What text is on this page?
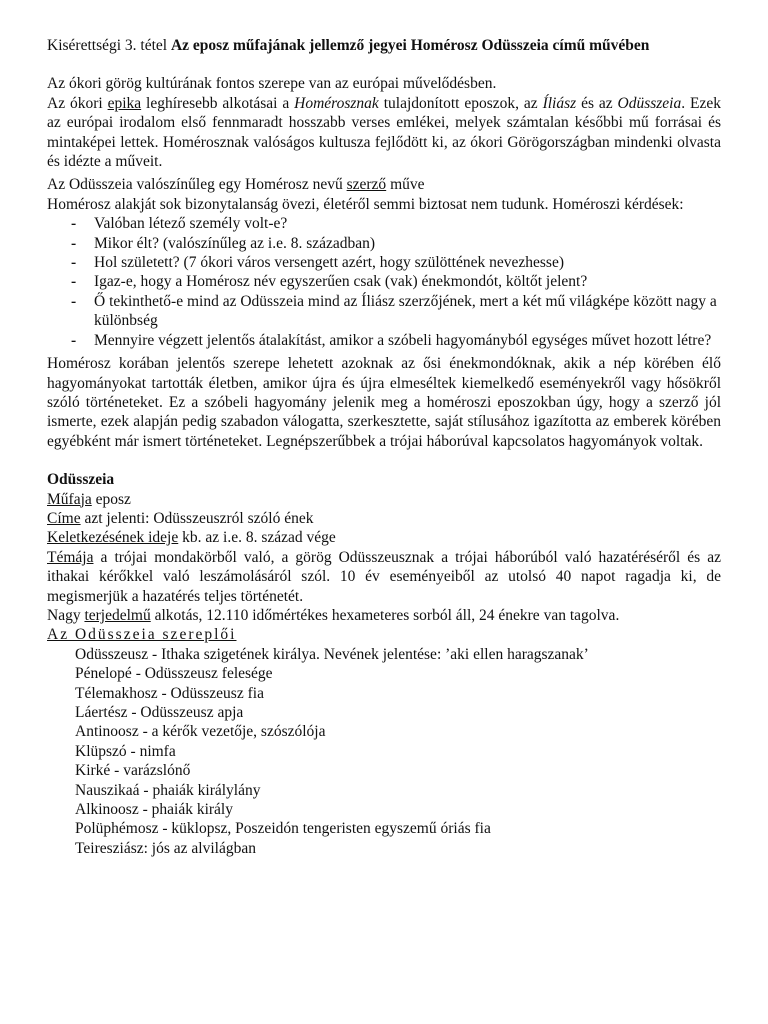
Kisérettségi 3. tétel Az eposz műfajának jellemző jegyei Homérosz Odüsszeia című művében

Az ókori görög kultúrának fontos szerepe van az európai művelődésben.

Az ókori epika leghíresebb alkotásai a Homérosznak tulajdonított eposzok, az Íliász és az Odüsszeia. Ezek az európai irodalom első fennmaradt hosszabb verses emlékei, melyek számtalan későbbi mű forrásai és mintaképei lettek. Homérosznak valóságos kultusza fejlődött ki, az ókori Görögországban mindenki olvasta és idézte a műveit.

Az Odüsszeia valószínűleg egy Homérosz nevű szerző műve

Homérosz alakját sok bizonytalanság övezi, életéről semmi biztosat nem tudunk. Homéroszi kérdések:

- Valóban létező személy volt-e?
- Mikor élt? (valószínűleg az i.e. 8. században)
- Hol született? (7 ókori város versengett azért, hogy szülöttének nevezhesse)
- Igaz-e, hogy a Homérosz név egyszerűen csak (vak) énekmondót, költőt jelent?
- Ő tekinthető-e mind az Odüsszeia mind az Íliász szerzőjének, mert a két mű világképe között nagy a különbség
- Mennyire végzett jelentős átalakítást, amikor a szóbeli hagyományból egységes művet hozott létre?

Homérosz korában jelentős szerepe lehetett azoknak az ősi énekmondóknak, akik a nép körében élő hagyományokat tartották életben, amikor újra és újra elmeséltek kiemelkedő eseményekről vagy hősökről szóló történeteket. Ez a szóbeli hagyomány jelenik meg a homéroszi eposzokban úgy, hogy a szerző jól ismerte, ezek alapján pedig szabadon válogatta, szerkesztette, saját stílusához igazította az emberek körében egyébként már ismert történeteket. Legnépszerűbbek a trójai háborúval kapcsolatos hagyományok voltak.

Odüsszeia

Műfaja eposz

Címe azt jelenti: Odüsszeuszról szóló ének

Keletkezésének ideje kb. az i.e. 8. század vége

Témája a trójai mondakörből való, a görög Odüsszeusznak a trójai háborúból való hazatéréséről és az ithakai kérőkkel való leszámolásáról szól. 10 év eseményeiből az utolsó 40 napot ragadja ki, de megismerjük a hazatérés teljes történetét.

Nagy terjedelmű alkotás, 12.110 időmértékes hexameteres sorból áll, 24 énekre van tagolva.

Az Odüsszeia szereplői

Odüsszeusz - Ithaka szigetének királya. Nevének jelentése: ’aki ellen haragszanak’
Pénelopé - Odüsszeusz felesége
Télemakhosz - Odüsszeusz fia
Láertész - Odüsszeusz apja
Antinoosz - a kérők vezetője, szószólója
Klüpszó - nimfa
Kirké - varázslónő
Nauszikaá - phaiák királylány
Alkinoosz - phaiák király
Polüphémosz - küklopsz, Poszeidón tengeristen egyszemű óriás fia
Teiresziász: jós az alvilágban
